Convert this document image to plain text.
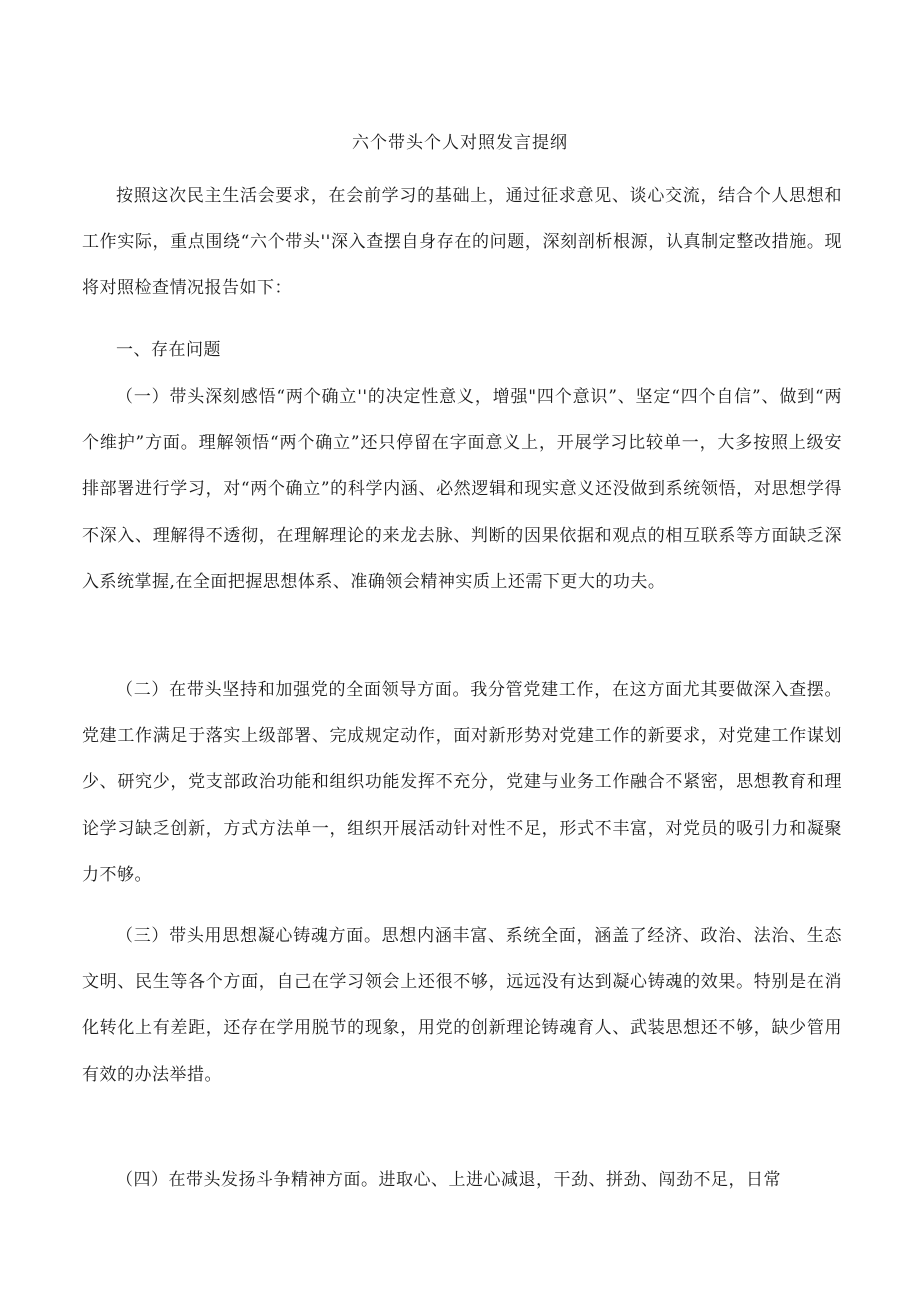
六个带头个人对照发言提纲

按照这次民主生活会要求，在会前学习的基础上，通过征求意见、谈心交流，结合个人思想和工作实际，重点围绕“六个带头''深入查摆自身存在的问题，深刻剖析根源，认真制定整改措施。现将对照检查情况报告如下：

一、存在问题

（一）带头深刻感悟“两个确立''的决定性意义，增强"四个意识”、坚定“四个自信”、做到“两个维护”方面。理解领悟“两个确立”还只停留在字面意义上，开展学习比较单一，大多按照上级安排部署进行学习，对“两个确立”的科学内涵、必然逻辑和现实意义还没做到系统领悟，对思想学得不深入、理解得不透彻，在理解理论的来龙去脉、判断的因果依据和观点的相互联系等方面缺乏深入系统掌握,在全面把握思想体系、准确领会精神实质上还需下更大的功夫。

（二）在带头坚持和加强党的全面领导方面。我分管党建工作，在这方面尤其要做深入查摆。党建工作满足于落实上级部署、完成规定动作，面对新形势对党建工作的新要求，对党建工作谋划少、研究少，党支部政治功能和组织功能发挥不充分，党建与业务工作融合不紧密，思想教育和理论学习缺乏创新，方式方法单一，组织开展活动针对性不足，形式不丰富，对党员的吸引力和凝聚力不够。

（三）带头用思想凝心铸魂方面。思想内涵丰富、系统全面，涵盖了经济、政治、法治、生态文明、民生等各个方面，自己在学习领会上还很不够，远远没有达到凝心铸魂的效果。特别是在消化转化上有差距，还存在学用脱节的现象，用党的创新理论铸魂育人、武装思想还不够，缺少管用有效的办法举措。

（四）在带头发扬斗争精神方面。进取心、上进心减退，干劲、拼劲、闯劲不足，日常
